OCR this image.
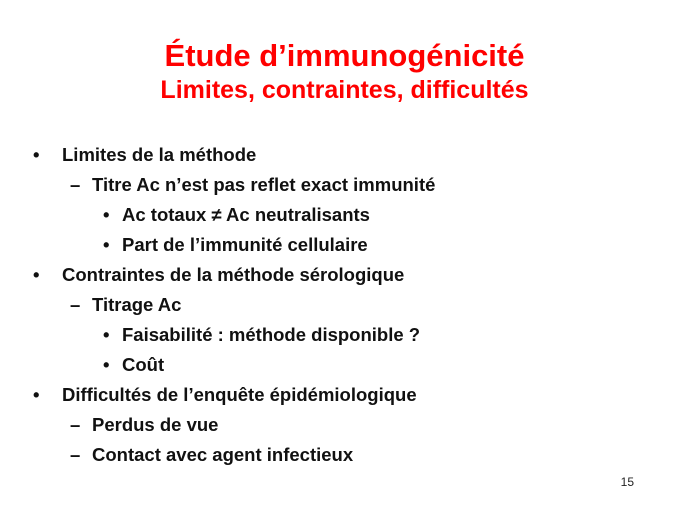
Étude d’immunogénicité
Limites, contraintes, difficultés
• Limites de la méthode
– Titre Ac n’est pas reflet exact immunité
• Ac totaux ≠ Ac neutralisants
• Part de l’immunité cellulaire
• Contraintes de la méthode sérologique
– Titrage Ac
• Faisabilité : méthode disponible ?
• Coût
• Difficultés de l’enquête épidémiologique
– Perdus de vue
– Contact avec agent infectieux
15
